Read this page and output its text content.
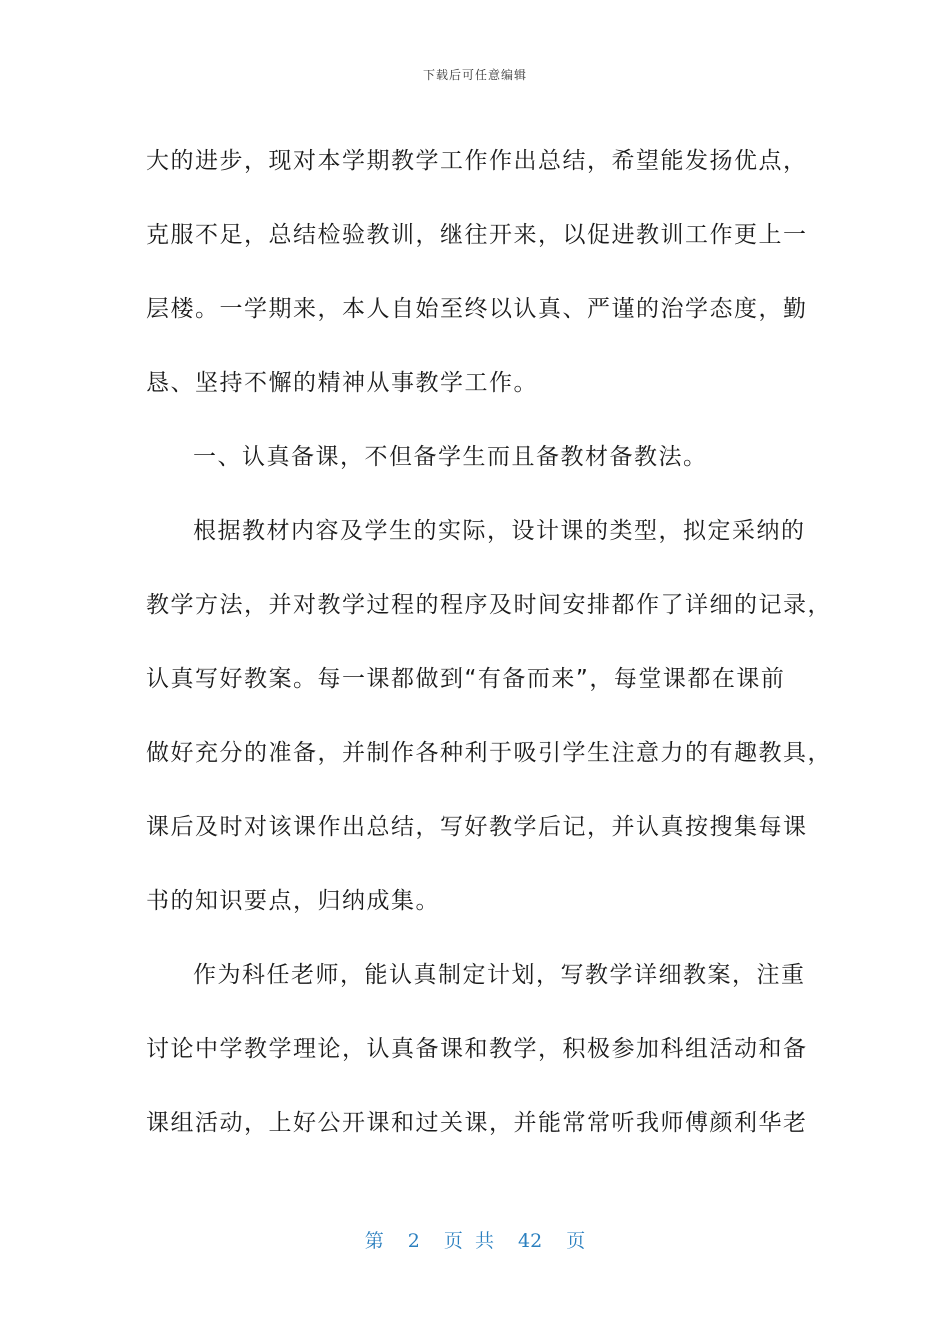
下载后可任意编辑
大的进步，现对本学期教学工作作出总结，希望能发扬优点，
克服不足，总结检验教训，继往开来，以促进教训工作更上一
层楼。一学期来，本人自始至终以认真、严谨的治学态度，勤
恳、坚持不懈的精神从事教学工作。
一、认真备课，不但备学生而且备教材备教法。
根据教材内容及学生的实际，设计课的类型，拟定采纳的
教学方法，并对教学过程的程序及时间安排都作了详细的记录，
认真写好教案。每一课都做到“有备而来”，每堂课都在课前
做好充分的准备，并制作各种利于吸引学生注意力的有趣教具，
课后及时对该课作出总结，写好教学后记，并认真按搜集每课
书的知识要点，归纳成集。
作为科任老师，能认真制定计划，写教学详细教案，注重
讨论中学教学理论，认真备课和教学，积极参加科组活动和备
课组活动，上好公开课和过关课，并能常常听我师傅颜利华老
第 2 页 共 42 页
